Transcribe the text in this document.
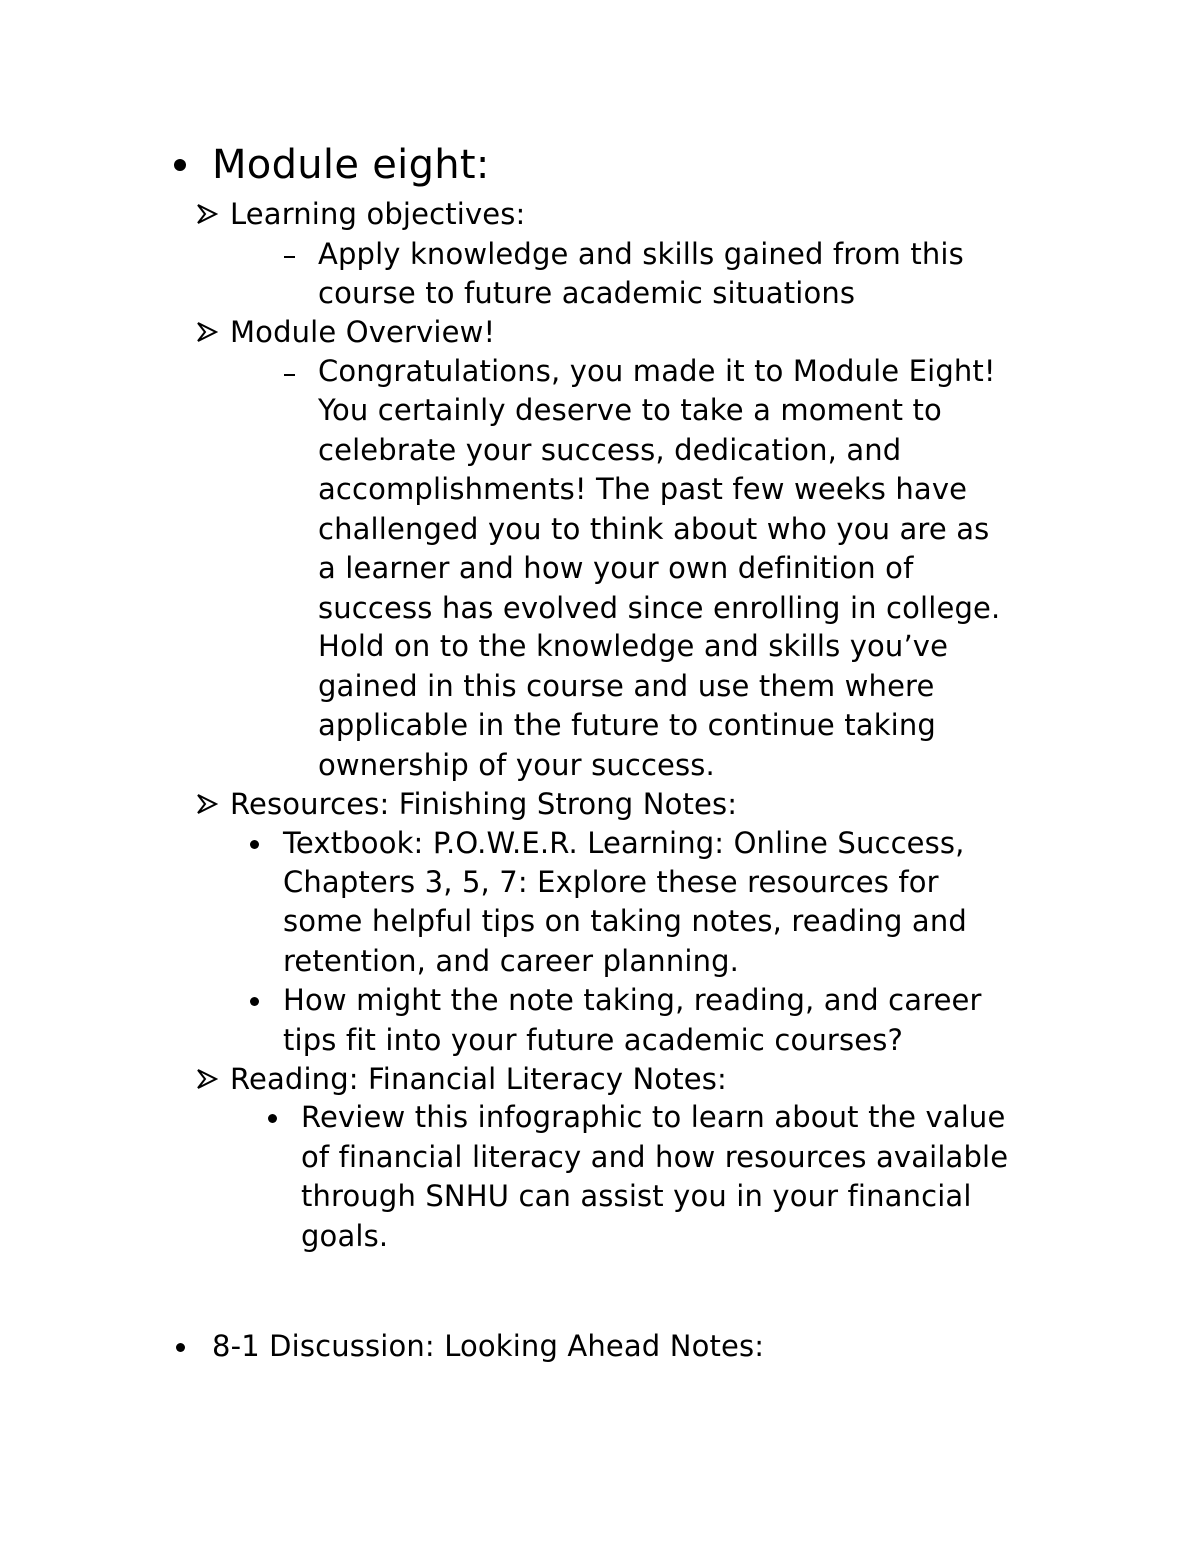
Module eight:
Learning objectives:
Apply knowledge and skills gained from this
course to future academic situations
Module Overview!
Congratulations, you made it to Module Eight!
You certainly deserve to take a moment to
celebrate your success, dedication, and
accomplishments! The past few weeks have
challenged you to think about who you are as
a learner and how your own definition of
success has evolved since enrolling in college.
Hold on to the knowledge and skills you’ve
gained in this course and use them where
applicable in the future to continue taking
ownership of your success.
Resources: Finishing Strong Notes:
Textbook: P.O.W.E.R. Learning: Online Success,
Chapters 3, 5, 7: Explore these resources for
some helpful tips on taking notes, reading and
retention, and career planning.
How might the note taking, reading, and career
tips fit into your future academic courses?
Reading: Financial Literacy Notes:
Review this infographic to learn about the value
of financial literacy and how resources available
through SNHU can assist you in your financial
goals.
8-1 Discussion: Looking Ahead Notes:
